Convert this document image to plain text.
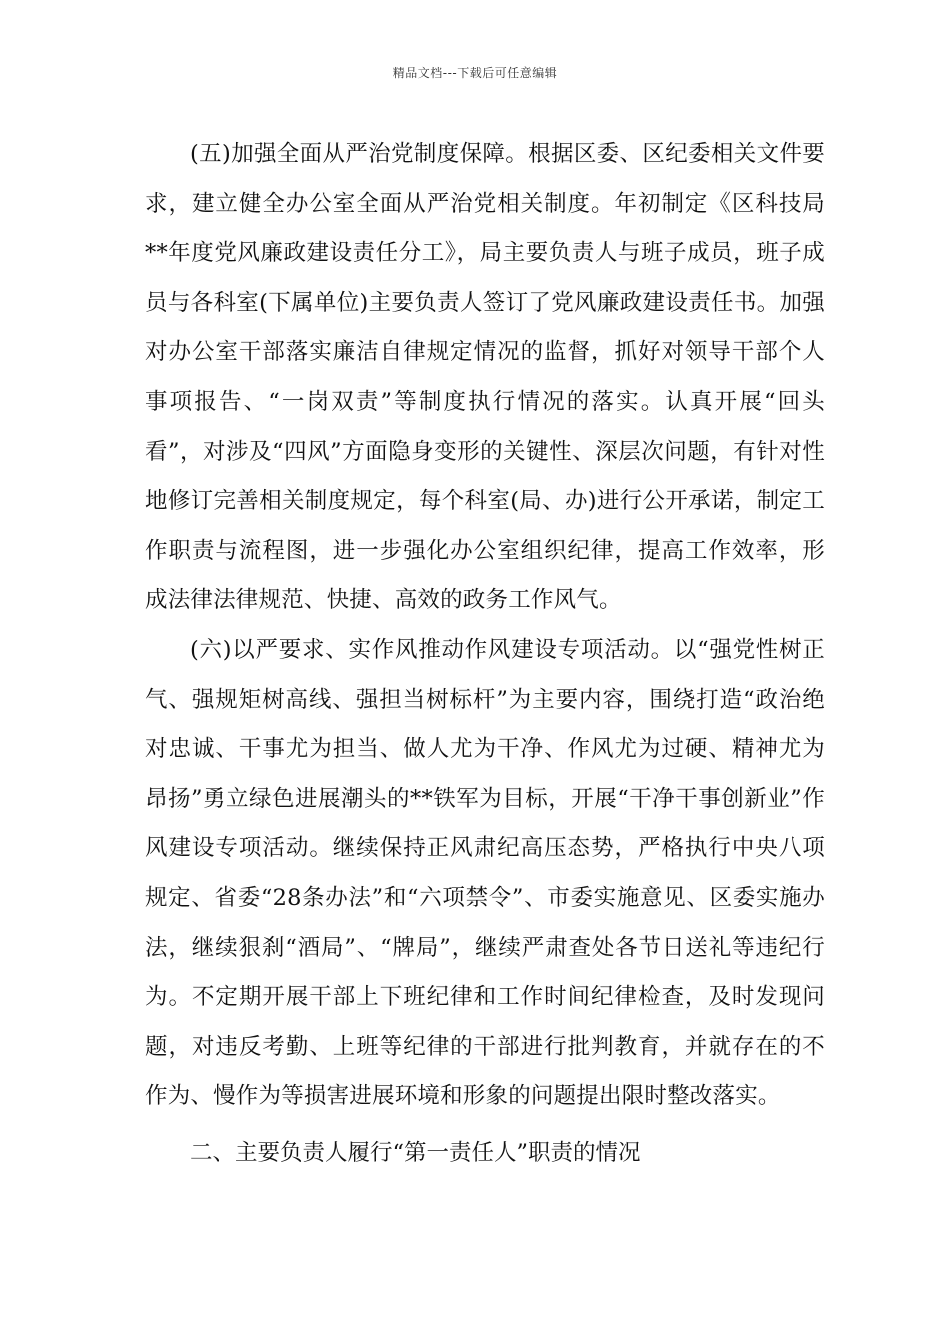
精品文档---下载后可任意编辑

(五)加强全面从严治党制度保障。根据区委、区纪委相关文件要求，建立健全办公室全面从严治党相关制度。年初制定《区科技局**年度党风廉政建设责任分工》，局主要负责人与班子成员，班子成员与各科室(下属单位)主要负责人签订了党风廉政建设责任书。加强对办公室干部落实廉洁自律规定情况的监督，抓好对领导干部个人事项报告、“一岗双责”等制度执行情况的落实。认真开展“回头看”，对涉及“四风”方面隐身变形的关键性、深层次问题，有针对性地修订完善相关制度规定，每个科室(局、办)进行公开承诺，制定工作职责与流程图，进一步强化办公室组织纪律，提高工作效率，形成法律法律规范、快捷、高效的政务工作风气。

(六)以严要求、实作风推动作风建设专项活动。以“强党性树正气、强规矩树高线、强担当树标杆”为主要内容，围绕打造“政治绝对忠诚、干事尤为担当、做人尤为干净、作风尤为过硬、精神尤为昂扬”勇立绿色进展潮头的**铁军为目标，开展“干净干事创新业”作风建设专项活动。继续保持正风肃纪高压态势，严格执行中央八项规定、省委“28条办法”和“六项禁令”、市委实施意见、区委实施办法，继续狠刹“酒局”、“牌局”，继续严肃查处各节日送礼等违纪行为。不定期开展干部上下班纪律和工作时间纪律检查，及时发现问题，对违反考勤、上班等纪律的干部进行批判教育，并就存在的不作为、慢作为等损害进展环境和形象的问题提出限时整改落实。

二、主要负责人履行“第一责任人”职责的情况
